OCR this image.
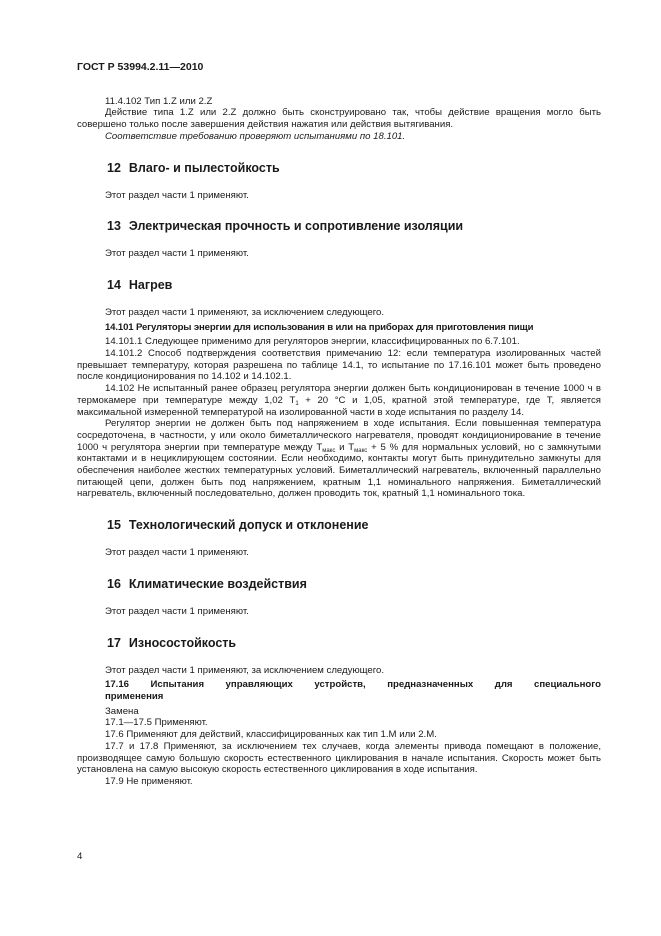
ГОСТ Р 53994.2.11—2010

11.4.102 Тип 1.Z или 2.Z

Действие типа 1.Z или 2.Z должно быть сконструировано так, чтобы действие вращения могло быть совершено только после завершения действия нажатия или действия вытягивания.

Соответствие требованию проверяют испытаниями по 18.101.

12 Влаго- и пылестойкость

Этот раздел части 1 применяют.

13 Электрическая прочность и сопротивление изоляции

Этот раздел части 1 применяют.

14 Нагрев

Этот раздел части 1 применяют, за исключением следующего.

14.101 Регуляторы энергии для использования в или на приборах для приготовления пищи

14.101.1 Следующее применимо для регуляторов энергии, классифицированных по 6.7.101.

14.101.2 Способ подтверждения соответствия примечанию 12: если температура изолированных частей превышает температуру, которая разрешена по таблице 14.1, то испытание по 17.16.101 может быть проведено после кондиционирования по 14.102 и 14.102.1.

14.102 Не испытанный ранее образец регулятора энергии должен быть кондиционирован в течение 1000 ч в термокамере при температуре между 1,02 $T_1 + 20$ °С и 1,05, кратной этой температуре, где T, является максимальной измеренной температурой на изолированной части в ходе испытания по разделу 14.

Регулятор энергии не должен быть под напряжением в ходе испытания. Если повышенная температура сосредоточена, в частности, у или около биметаллического нагревателя, проводят кондиционирование в течение 1000 ч регулятора энергии при температуре между $T_{макс}$ и $T_{макс} + 5$ % для нормальных условий, но с замкнутыми контактами и в нециклирующем состоянии. Если необходимо, контакты могут быть принудительно замкнуты для обеспечения наиболее жестких температурных условий. Биметаллический нагреватель, включенный параллельно питающей цепи, должен быть под напряжением, кратным 1,1 номинального напряжения. Биметаллический нагреватель, включенный последовательно, должен проводить ток, кратный 1,1 номинального тока.

15 Технологический допуск и отклонение

Этот раздел части 1 применяют.

16 Климатические воздействия

Этот раздел части 1 применяют.

17 Износостойкость

Этот раздел части 1 применяют, за исключением следующего.

17.16 Испытания управляющих устройств, предназначенных для специального

применения

Замена

17.1—17.5 Применяют.

17.6 Применяют для действий, классифицированных как тип 1.М или 2.М.

17.7 и 17.8 Применяют, за исключением тех случаев, когда элементы привода помещают в положение, производящее самую большую скорость естественного циклирования в начале испытания. Скорость может быть установлена на самую высокую скорость естественного циклирования в ходе испытания.

17.9 Не применяют.

4
